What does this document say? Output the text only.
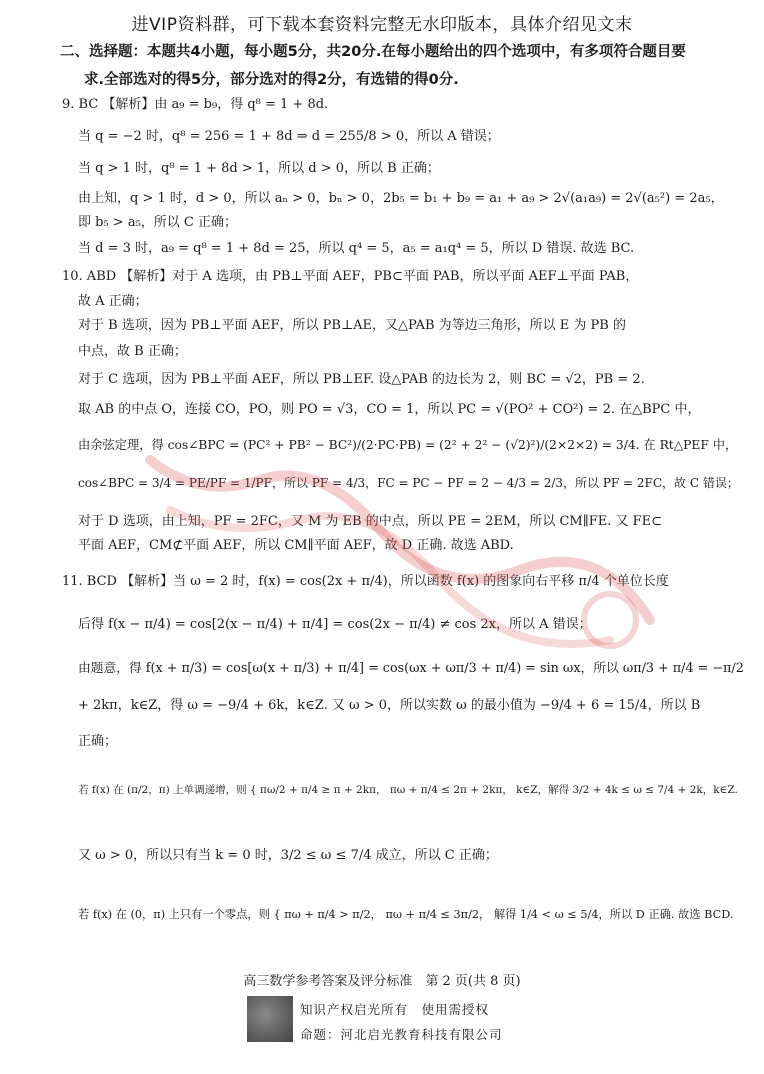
进VIP资料群，可下载本套资料完整无水印版本，具体介绍见文末
二、选择题：本题共4小题，每小题5分，共20分.在每小题给出的四个选项中，有多项符合题目要
求.全部选对的得5分，部分选对的得2分，有选错的得0分.
9. BC 【解析】由 a₉ = b₉，得 q⁸ = 1 + 8d.
当 q = −2 时，q⁸ = 256 = 1 + 8d ⇒ d = 255/8 > 0，所以 A 错误；
当 q > 1 时，q⁸ = 1 + 8d > 1，所以 d > 0，所以 B 正确；
由上知，q > 1 时，d > 0，所以 aₙ > 0，bₙ > 0，2b₅ = b₁ + b₉ = a₁ + a₉ > 2√(a₁a₉) = 2√(a₅²) = 2a₅，
即 b₅ > a₅，所以 C 正确；
当 d = 3 时，a₉ = q⁸ = 1 + 8d = 25，所以 q⁴ = 5，a₅ = a₁q⁴ = 5，所以 D 错误. 故选 BC.
10. ABD 【解析】对于 A 选项，由 PB⊥平面 AEF，PB⊂平面 PAB，所以平面 AEF⊥平面 PAB，
故 A 正确；
对于 B 选项，因为 PB⊥平面 AEF，所以 PB⊥AE，又△PAB 为等边三角形，所以 E 为 PB 的
中点，故 B 正确；
对于 C 选项，因为 PB⊥平面 AEF，所以 PB⊥EF. 设△PAB 的边长为 2，则 BC = √2，PB = 2.
取 AB 的中点 O，连接 CO，PO，则 PO = √3，CO = 1，所以 PC = √(PO² + CO²) = 2. 在△BPC 中，
由余弦定理，得 cos∠BPC = (PC² + PB² − BC²)/(2·PC·PB) = (2² + 2² − (√2)²)/(2×2×2) = 3/4. 在 Rt△PEF 中，
cos∠BPC = 3/4 = PE/PF = 1/PF，所以 PF = 4/3，FC = PC − PF = 2 − 4/3 = 2/3，所以 PF = 2FC，故 C 错误；
对于 D 选项，由上知，PF = 2FC，又 M 为 EB 的中点，所以 PE = 2EM，所以 CM∥FE. 又 FE⊂
平面 AEF，CM⊄平面 AEF，所以 CM∥平面 AEF，故 D 正确. 故选 ABD.
11. BCD 【解析】当 ω = 2 时，f(x) = cos(2x + π/4)，所以函数 f(x) 的图象向右平移 π/4 个单位长度
后得 f(x − π/4) = cos[2(x − π/4) + π/4] = cos(2x − π/4) ≠ cos 2x，所以 A 错误；
由题意，得 f(x + π/3) = cos[ω(x + π/3) + π/4] = cos(ωx + ωπ/3 + π/4) = sin ωx，所以 ωπ/3 + π/4 = −π/2
+ 2kπ，k∈Z，得 ω = −9/4 + 6k，k∈Z. 又 ω > 0，所以实数 ω 的最小值为 −9/4 + 6 = 15/4，所以 B
正确；
若 f(x) 在 (π/2，π) 上单调递增，则 { πω/2 + π/4 ≥ π + 2kπ， πω + π/4 ≤ 2π + 2kπ， k∈Z，解得 3/2 + 4k ≤ ω ≤ 7/4 + 2k，k∈Z.
又 ω > 0，所以只有当 k = 0 时，3/2 ≤ ω ≤ 7/4 成立，所以 C 正确；
若 f(x) 在 (0，π) 上只有一个零点，则 { πω + π/4 > π/2， πω + π/4 ≤ 3π/2， 解得 1/4 < ω ≤ 5/4，所以 D 正确. 故选 BCD.
高三数学参考答案及评分标准　第 2 页(共 8 页)
知识产权启光所有　使用需授权
命题：河北启光教育科技有限公司
